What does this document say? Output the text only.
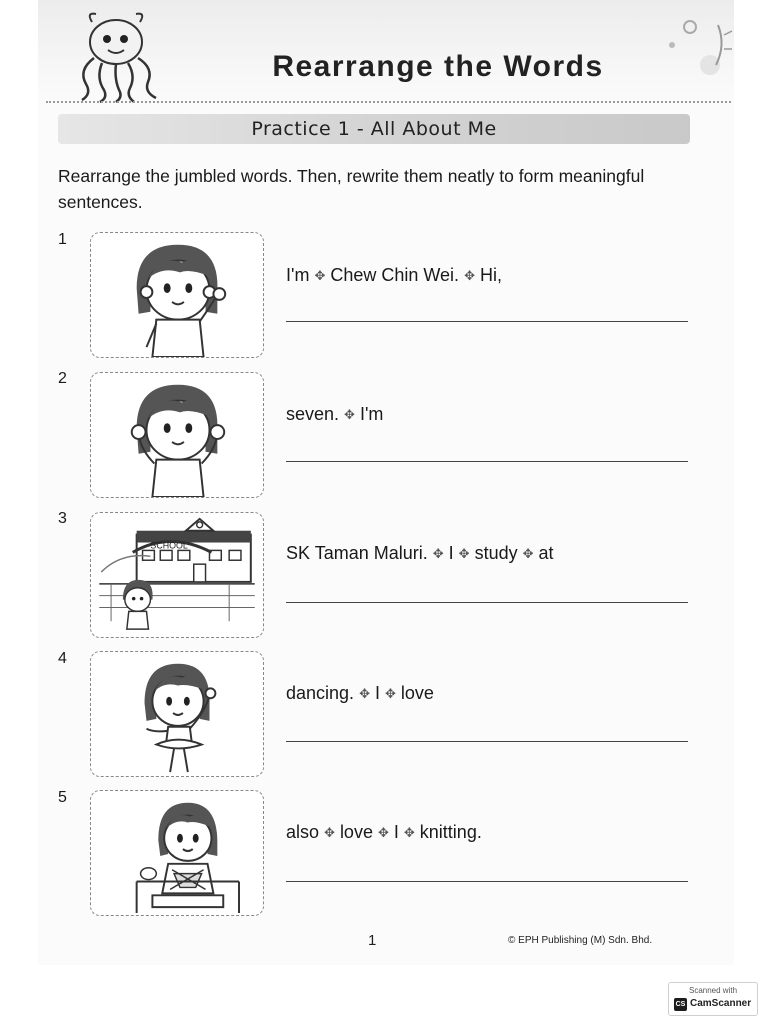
Rearrange the Words
Practice 1 - All About Me
Rearrange the jumbled words. Then, rewrite them neatly to form meaningful sentences.
1
I'm ✥ Chew Chin Wei. ✥ Hi,
2
seven. ✥ I'm
3
SCHOOL	SK Taman Maluri. ✥ I ✥ study ✥ at
4
dancing. ✥ I ✥ love
5
also ✥ love ✥ I ✥ knitting.
1	© EPH Publishing (M) Sdn. Bhd.
Scanned with
CS CamScanner
